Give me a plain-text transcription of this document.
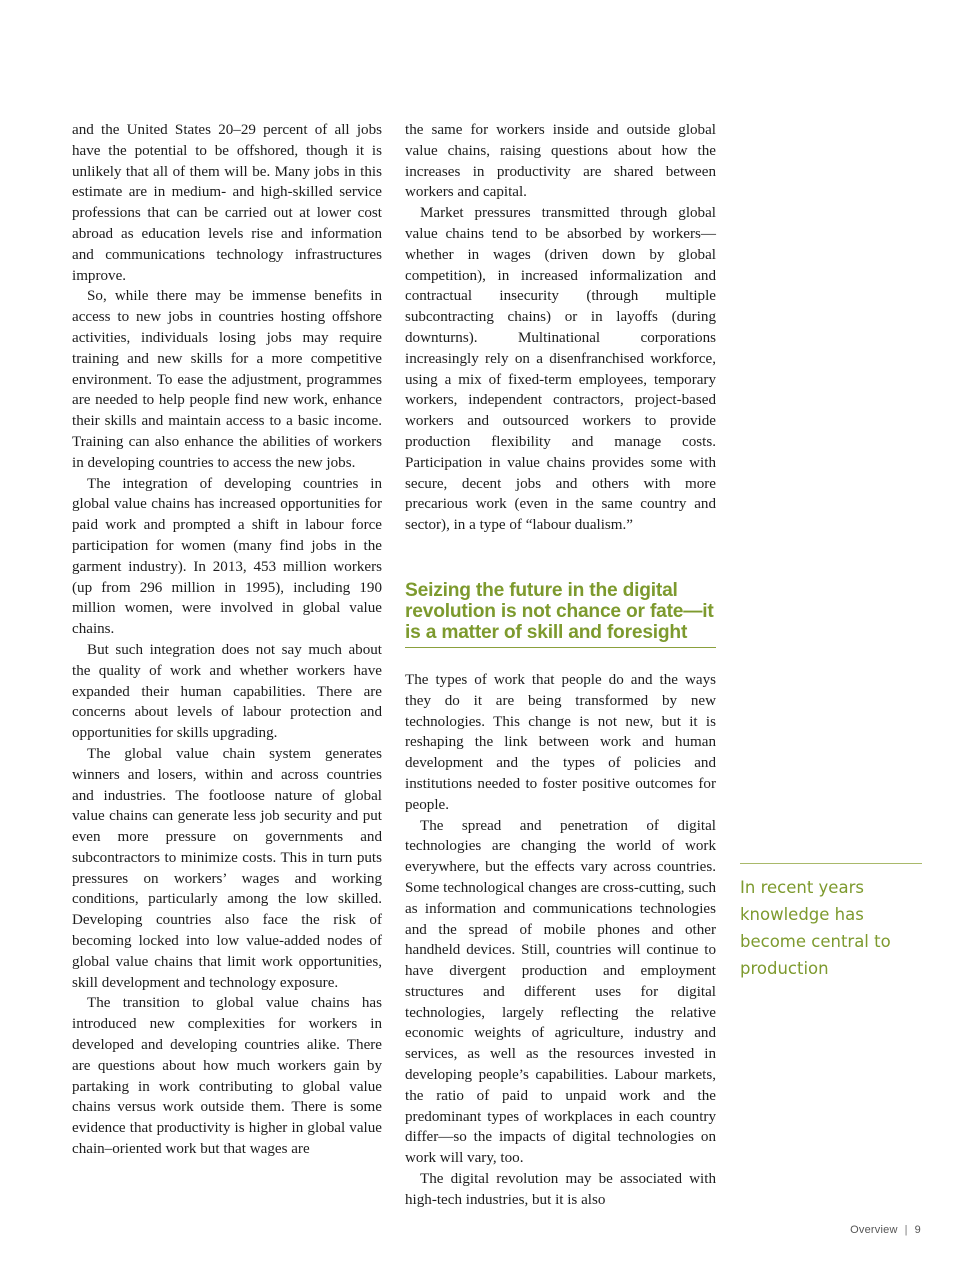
and the United States 20–29 percent of all jobs have the potential to be offshored, though it is unlikely that all of them will be. Many jobs in this estimate are in medium- and high-skilled service professions that can be carried out at lower cost abroad as education levels rise and information and communications technology infrastructures improve.

So, while there may be immense benefits in access to new jobs in countries hosting offshore activities, individuals losing jobs may require training and new skills for a more competitive environment. To ease the adjustment, programmes are needed to help people find new work, enhance their skills and maintain access to a basic income. Training can also enhance the abilities of workers in developing countries to access the new jobs.

The integration of developing countries in global value chains has increased opportunities for paid work and prompted a shift in labour force participation for women (many find jobs in the garment industry). In 2013, 453 million workers (up from 296 million in 1995), including 190 million women, were involved in global value chains.

But such integration does not say much about the quality of work and whether workers have expanded their human capabilities. There are concerns about levels of labour protection and opportunities for skills upgrading.

The global value chain system generates winners and losers, within and across countries and industries. The footloose nature of global value chains can generate less job security and put even more pressure on governments and subcontractors to minimize costs. This in turn puts pressures on workers’ wages and working conditions, particularly among the low skilled. Developing countries also face the risk of becoming locked into low value-added nodes of global value chains that limit work opportunities, skill development and technology exposure.

The transition to global value chains has introduced new complexities for workers in developed and developing countries alike. There are questions about how much workers gain by partaking in work contributing to global value chains versus work outside them. There is some evidence that productivity is higher in global value chain–oriented work but that wages are

the same for workers inside and outside global value chains, raising questions about how the increases in productivity are shared between workers and capital.

Market pressures transmitted through global value chains tend to be absorbed by workers—whether in wages (driven down by global competition), in increased informalization and contractual insecurity (through multiple subcontracting chains) or in layoffs (during downturns). Multinational corporations increasingly rely on a disenfranchised workforce, using a mix of fixed-term employees, temporary workers, independent contractors, project-based workers and outsourced workers to provide production flexibility and manage costs. Participation in value chains provides some with secure, decent jobs and others with more precarious work (even in the same country and sector), in a type of “labour dualism.”

Seizing the future in the digital revolution is not chance or fate—it is a matter of skill and foresight

The types of work that people do and the ways they do it are being transformed by new technologies. This change is not new, but it is reshaping the link between work and human development and the types of policies and institutions needed to foster positive outcomes for people.

The spread and penetration of digital technologies are changing the world of work everywhere, but the effects vary across countries. Some technological changes are cross-cutting, such as information and communications technologies and the spread of mobile phones and other handheld devices. Still, countries will continue to have divergent production and employment structures and different uses for digital technologies, largely reflecting the relative economic weights of agriculture, industry and services, as well as the resources invested in developing people’s capabilities. Labour markets, the ratio of paid to unpaid work and the predominant types of workplaces in each country differ—so the impacts of digital technologies on work will vary, too.

The digital revolution may be associated with high-tech industries, but it is also

In recent years knowledge has become central to production
Overview | 9
